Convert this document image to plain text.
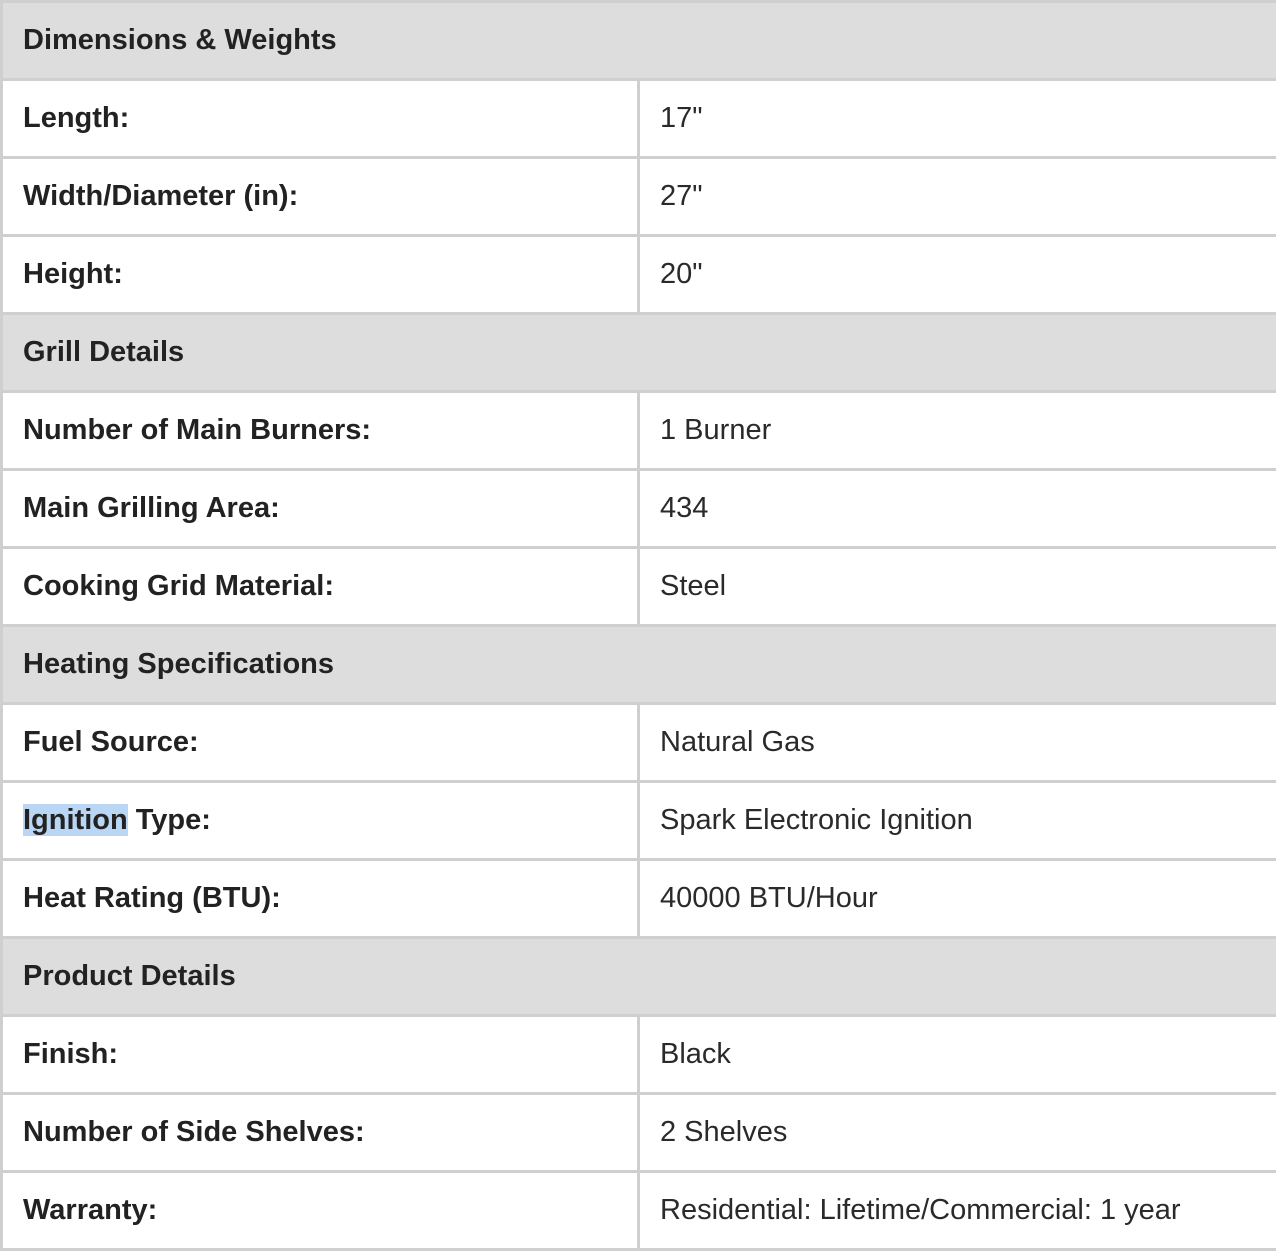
Dimensions & Weights	
Length:	17"
Width/Diameter (in):	27"
Height:	20"
Grill Details	
Number of Main Burners:	1 Burner
Main Grilling Area:	434
Cooking Grid Material:	Steel
Heating Specifications	
Fuel Source:	Natural Gas
Ignition Type:	Spark Electronic Ignition
Heat Rating (BTU):	40000 BTU/Hour
Product Details	
Finish:	Black
Number of Side Shelves:	2 Shelves
Warranty:	Residential: Lifetime/Commercial: 1 year
